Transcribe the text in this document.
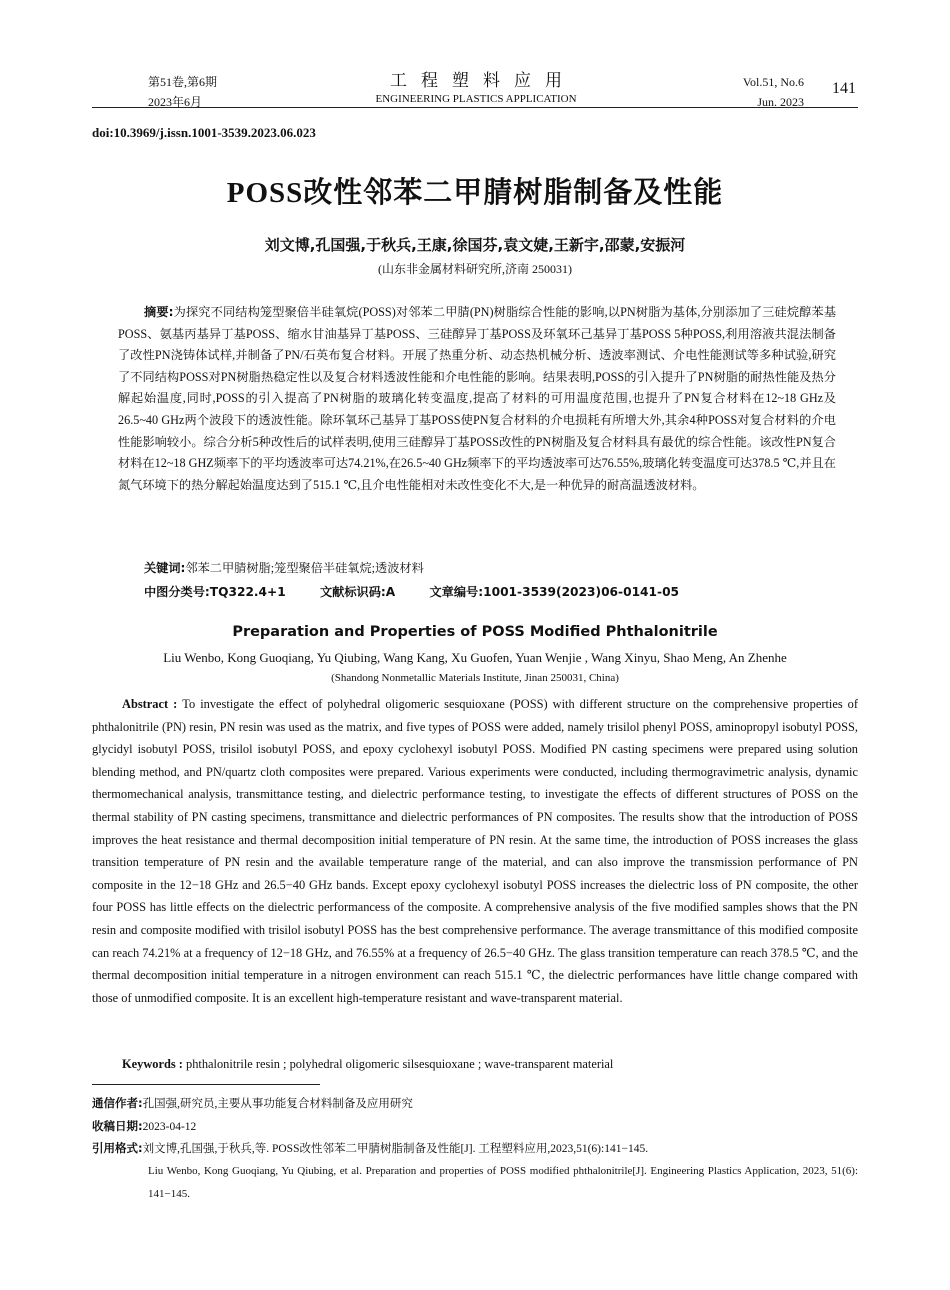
第51卷,第6期
2023年6月
工程塑料应用
ENGINEERING PLASTICS APPLICATION
Vol.51, No.6
Jun. 2023
141
doi:10.3969/j.issn.1001-3539.2023.06.023
POSS改性邻苯二甲腈树脂制备及性能
刘文博,孔国强,于秋兵,王康,徐国芬,袁文婕,王新宇,邵蒙,安振河
(山东非金属材料研究所,济南 250031)
摘要:为探究不同结构笼型聚倍半硅氧烷(POSS)对邻苯二甲腈(PN)树脂综合性能的影响,以PN树脂为基体,分别添加了三硅烷醇苯基POSS、氨基丙基异丁基POSS、缩水甘油基异丁基POSS、三硅醇异丁基POSS及环氧环己基异丁基POSS 5种POSS,利用溶液共混法制备了改性PN浇铸体试样,并制备了PN/石英布复合材料。开展了热重分析、动态热机械分析、透波率测试、介电性能测试等多种试验,研究了不同结构POSS对PN树脂热稳定性以及复合材料透波性能和介电性能的影响。结果表明,POSS的引入提升了PN树脂的耐热性能及热分解起始温度,同时,POSS的引入提高了PN树脂的玻璃化转变温度,提高了材料的可用温度范围,也提升了PN复合材料在12~18 GHz及26.5~40 GHz两个波段下的透波性能。除环氧环己基异丁基POSS使PN复合材料的介电损耗有所增大外,其余4种POSS对复合材料的介电性能影响较小。综合分析5种改性后的试样表明,使用三硅醇异丁基POSS改性的PN树脂及复合材料具有最优的综合性能。该改性PN复合材料在12~18 GHZ频率下的平均透波率可达74.21%,在26.5~40 GHz频率下的平均透波率可达76.55%,玻璃化转变温度可达378.5 ℃,并且在氮气环境下的热分解起始温度达到了515.1 ℃,且介电性能相对未改性变化不大,是一种优异的耐高温透波材料。
关键词:邻苯二甲腈树脂;笼型聚倍半硅氧烷;透波材料
中图分类号:TQ322.4+1	文献标识码:A	文章编号:1001-3539(2023)06-0141-05
Preparation and Properties of POSS Modified Phthalonitrile
Liu Wenbo, Kong Guoqiang, Yu Qiubing, Wang Kang, Xu Guofen, Yuan Wenjie , Wang Xinyu, Shao Meng, An Zhenhe
(Shandong Nonmetallic Materials Institute, Jinan 250031, China)
Abstract : To investigate the effect of polyhedral oligomeric sesquioxane (POSS) with different structure on the comprehensive properties of phthalonitrile (PN) resin, PN resin was used as the matrix, and five types of POSS were added, namely trisilol phenyl POSS, aminopropyl isobutyl POSS, glycidyl isobutyl POSS, trisilol isobutyl POSS, and epoxy cyclohexyl isobutyl POSS. Modified PN casting specimens were prepared using solution blending method, and PN/quartz cloth composites were prepared. Various experiments were conducted, including thermogravimetric analysis, dynamic thermomechanical analysis, transmittance testing, and dielectric performance testing, to investigate the effects of different structures of POSS on the thermal stability of PN casting specimens, transmittance and dielectric performances of PN composites. The results show that the introduction of POSS improves the heat resistance and thermal decomposition initial temperature of PN resin. At the same time, the introduction of POSS increases the glass transition temperature of PN resin and the available temperature range of the material, and can also improve the transmission performance of PN composite in the 12−18 GHz and 26.5−40 GHz bands. Except epoxy cyclohexyl isobutyl POSS increases the dielectric loss of PN composite, the other four POSS has little effects on the dielectric performancess of the composite. A comprehensive analysis of the five modified samples shows that the PN resin and composite modified with trisilol isobutyl POSS has the best comprehensive performance. The average transmittance of this modified composite can reach 74.21% at a frequency of 12−18 GHz, and 76.55% at a frequency of 26.5−40 GHz. The glass transition temperature can reach 378.5 ℃, and the thermal decomposition initial temperature in a nitrogen environment can reach 515.1 ℃, the dielectric performances have little change compared with those of unmodified composite. It is an excellent high-temperature resistant and wave-transparent material.
Keywords : phthalonitrile resin ; polyhedral oligomeric silsesquioxane ; wave-transparent material
通信作者:孔国强,研究员,主要从事功能复合材料制备及应用研究
收稿日期:2023-04-12
引用格式:刘文博,孔国强,于秋兵,等. POSS改性邻苯二甲腈树脂制备及性能[J]. 工程塑料应用,2023,51(6):141−145.
Liu Wenbo, Kong Guoqiang, Yu Qiubing, et al. Preparation and properties of POSS modified phthalonitrile[J]. Engineering Plastics Application, 2023, 51(6): 141−145.
